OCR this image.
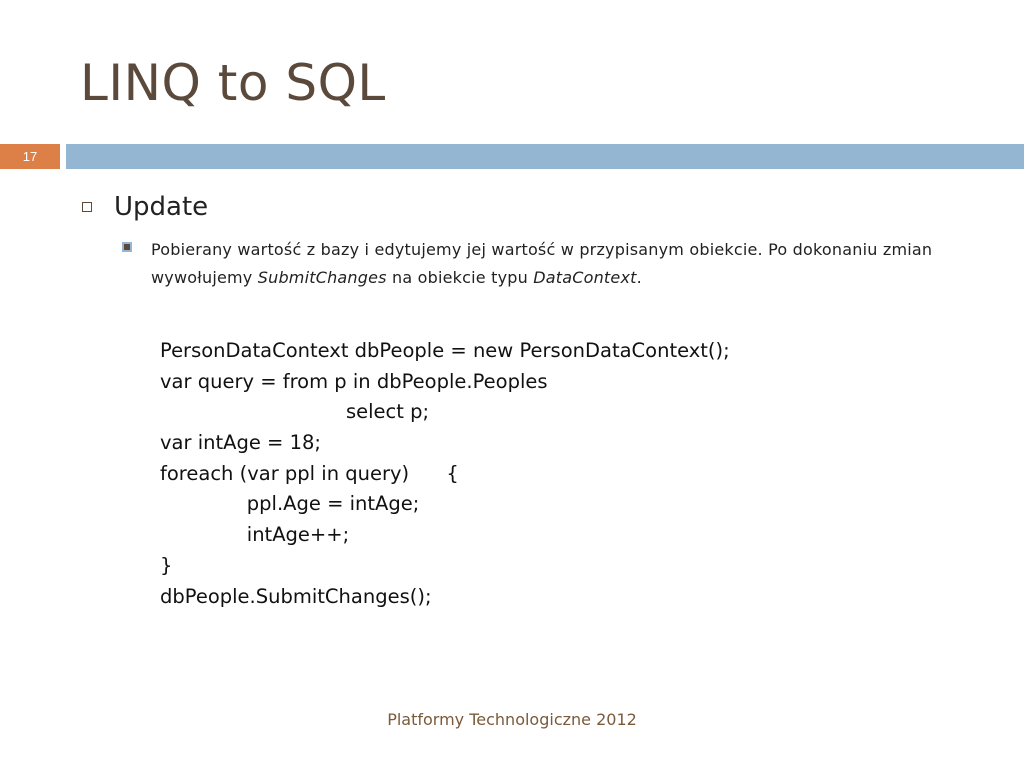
LINQ to SQL
17
Update
Pobierany wartość z bazy i edytujemy jej wartość w przypisanym obiekcie. Po dokonaniu zmian wywołujemy SubmitChanges na obiekcie typu DataContext.
PersonDataContext dbPeople = new PersonDataContext();
var query = from p in dbPeople.Peoples
select p;
var intAge = 18;
foreach (var ppl in query)      {
ppl.Age = intAge;
intAge++;
}
dbPeople.SubmitChanges();
Platformy Technologiczne 2012
